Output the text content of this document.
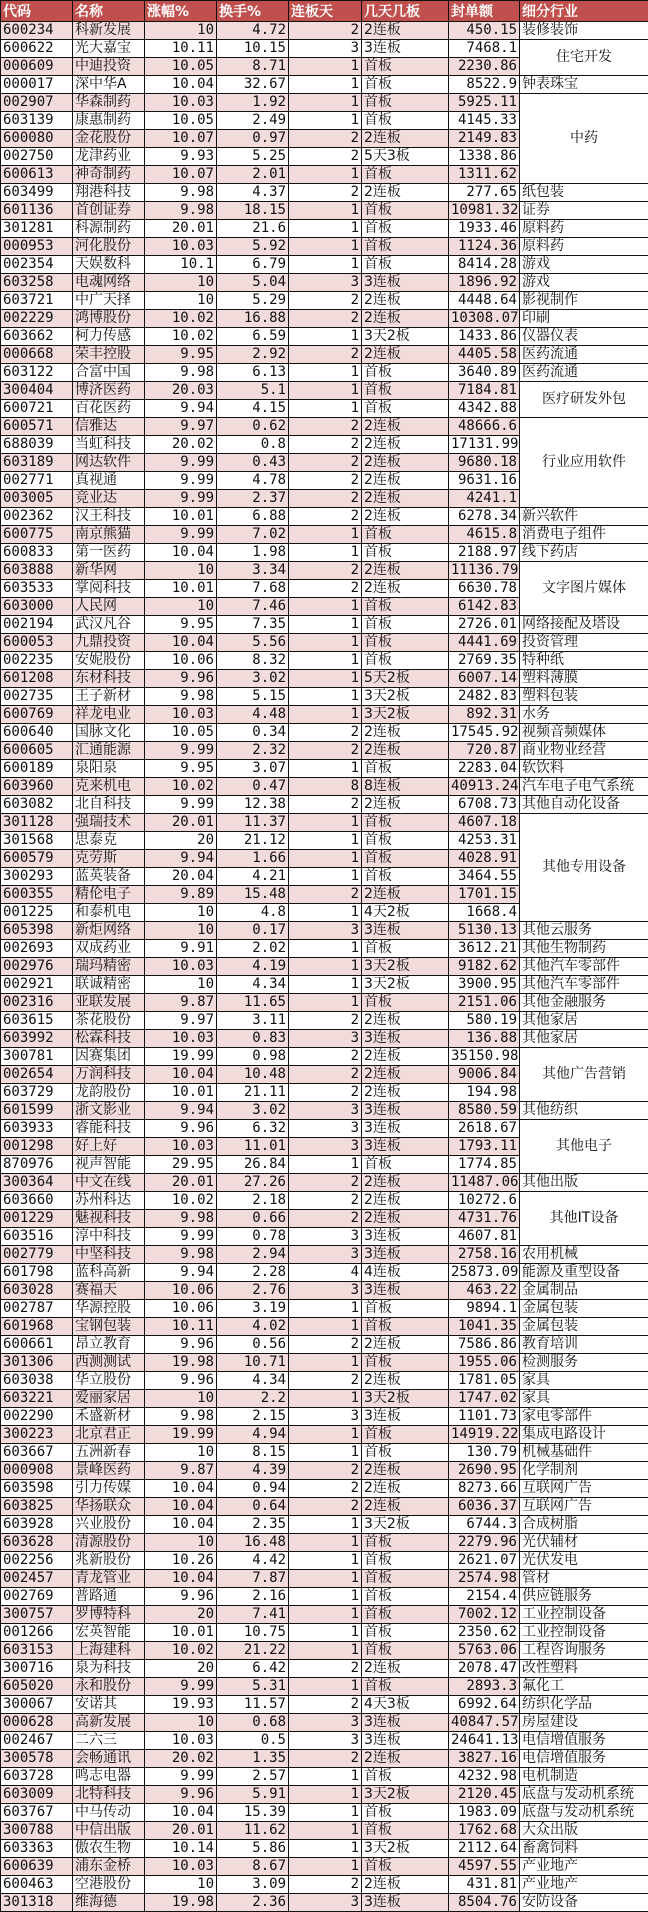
代码	名称	涨幅%	换手%	连板天	几天几板	封单额	细分行业
600234	科新发展	10	4.72	2	2连板	450.15	装修装饰
600622	光大嘉宝	10.11	10.15	3	3连板	7468.1	住宅开发
000609	中迪投资	10.05	8.71	1	首板	2230.86	
000017	深中华A	10.04	32.67	1	首板	8522.9	钟表珠宝
002907	华森制药	10.03	1.92	1	首板	5925.11	中药
603139	康惠制药	10.05	2.49	1	首板	4145.33	
600080	金花股份	10.07	0.97	2	2连板	2149.83	
002750	龙津药业	9.93	5.25	2	5天3板	1338.86	
600613	神奇制药	10.07	2.01	1	首板	1311.62	
603499	翔港科技	9.98	4.37	2	2连板	277.65	纸包装
601136	首创证券	9.98	18.15	1	首板	10981.32	证券
301281	科源制药	20.01	21.6	1	首板	1933.46	原料药
000953	河化股份	10.03	5.92	1	首板	1124.36	原料药
002354	天娱数科	10.1	6.79	1	首板	8414.28	游戏
603258	电魂网络	10	5.04	3	3连板	1896.92	游戏
603721	中广天择	10	5.29	2	2连板	4448.64	影视制作
002229	鸿博股份	10.02	16.88	2	2连板	10308.07	印刷
603662	柯力传感	10.02	6.59	1	3天2板	1433.86	仪器仪表
000668	荣丰控股	9.95	2.92	2	2连板	4405.58	医药流通
603122	合富中国	9.98	6.13	1	首板	3640.89	医药流通
300404	博济医药	20.03	5.1	1	首板	7184.81	医疗研发外包
600721	百花医药	9.94	4.15	1	首板	4342.88	
600571	信雅达	9.97	0.62	2	2连板	48666.6	行业应用软件
688039	当虹科技	20.02	0.8	2	2连板	17131.99	
603189	网达软件	9.99	0.43	2	2连板	9680.18	
002771	真视通	9.99	4.78	2	2连板	9631.16	
003005	竞业达	9.99	2.37	2	2连板	4241.1	
002362	汉王科技	10.01	6.88	2	2连板	6278.34	新兴软件
600775	南京熊猫	9.99	7.02	1	首板	4615.8	消费电子组件
600833	第一医药	10.04	1.98	1	首板	2188.97	线下药店
603888	新华网	10	3.34	2	2连板	11136.79	文字图片媒体
603533	掌阅科技	10.01	7.68	2	2连板	6630.78	
603000	人民网	10	7.46	1	首板	6142.83	
002194	武汉凡谷	9.95	7.35	1	首板	2726.01	网络接配及塔设
600053	九鼎投资	10.04	5.56	1	首板	4441.69	投资管理
002235	安妮股份	10.06	8.32	1	首板	2769.35	特种纸
601208	东材科技	9.96	3.02	1	5天2板	6007.14	塑料薄膜
002735	王子新材	9.98	5.15	1	3天2板	2482.83	塑料包装
600769	祥龙电业	10.03	4.48	1	3天2板	892.31	水务
600640	国脉文化	10.05	0.34	2	2连板	17545.92	视频音频媒体
600605	汇通能源	9.99	2.32	2	2连板	720.87	商业物业经营
600189	泉阳泉	9.95	3.07	1	首板	2283.04	软饮料
603960	克来机电	10.02	0.47	8	8连板	40913.24	汽车电子电气系统
603082	北自科技	9.99	12.38	2	2连板	6708.73	其他自动化设备
301128	强瑞技术	20.01	11.37	1	首板	4607.18	其他专用设备
301568	思泰克	20	21.12	1	首板	4253.31	
600579	克劳斯	9.94	1.66	1	首板	4028.91	
300293	蓝英装备	20.04	4.21	1	首板	3464.55	
600355	精伦电子	9.89	15.48	2	2连板	1701.15	
001225	和泰机电	10	4.8	1	4天2板	1668.4	
605398	新炬网络	10	0.17	3	3连板	5130.13	其他云服务
002693	双成药业	9.91	2.02	1	首板	3612.21	其他生物制药
002976	瑞玛精密	10.03	4.19	1	3天2板	9182.62	其他汽车零部件
002921	联诚精密	10	4.34	1	3天2板	3900.95	其他汽车零部件
002316	亚联发展	9.87	11.65	1	首板	2151.06	其他金融服务
603615	茶花股份	9.97	3.11	2	2连板	580.19	其他家居
603992	松霖科技	10.03	0.83	3	3连板	136.88	其他家居
300781	因赛集团	19.99	0.98	2	2连板	35150.98	其他广告营销
002654	万润科技	10.04	10.48	2	2连板	9006.84	
603729	龙韵股份	10.01	21.11	2	2连板	194.98	
601599	浙文影业	9.94	3.02	3	3连板	8580.59	其他纺织
603933	睿能科技	9.96	6.32	3	3连板	2618.67	其他电子
001298	好上好	10.03	11.01	3	3连板	1793.11	
870976	视声智能	29.95	26.84	1	首板	1774.85	
300364	中文在线	20.01	27.26	2	2连板	11487.06	其他出版
603660	苏州科达	10.02	2.18	2	2连板	10272.6	其他IT设备
001229	魅视科技	9.98	0.66	2	2连板	4731.76	
603516	淳中科技	9.99	0.78	3	3连板	4607.81	
002779	中坚科技	9.98	2.94	3	3连板	2758.16	农用机械
601798	蓝科高新	9.94	2.28	4	4连板	25873.09	能源及重型设备
603028	赛福天	10.06	2.76	3	3连板	463.22	金属制品
002787	华源控股	10.06	3.19	1	首板	9894.1	金属包装
601968	宝钢包装	10.11	4.02	1	首板	1041.35	金属包装
600661	昂立教育	9.96	0.56	2	2连板	7586.86	教育培训
301306	西测测试	19.98	10.71	1	首板	1955.06	检测服务
603038	华立股份	9.96	4.34	2	2连板	1781.05	家具
603221	爱丽家居	10	2.2	1	3天2板	1747.02	家具
002290	禾盛新材	9.98	2.15	3	3连板	1101.73	家电零部件
300223	北京君正	19.99	4.94	1	首板	14919.22	集成电路设计
603667	五洲新春	10	8.15	1	首板	130.79	机械基础件
000908	景峰医药	9.87	4.39	2	2连板	2690.95	化学制剂
603598	引力传媒	10.04	0.94	2	2连板	8273.66	互联网广告
603825	华扬联众	10.04	0.64	2	2连板	6036.37	互联网广告
603928	兴业股份	10.04	2.35	1	3天2板	6744.3	合成树脂
603628	清源股份	10	16.48	1	首板	2279.96	光伏辅材
002256	兆新股份	10.26	4.42	1	首板	2621.07	光伏发电
002457	青龙管业	10.04	7.87	1	首板	2574.98	管材
002769	普路通	9.96	2.16	1	首板	2154.4	供应链服务
300757	罗博特科	20	7.41	1	首板	7002.12	工业控制设备
001266	宏英智能	10.01	10.75	1	首板	2350.62	工业控制设备
603153	上海建科	10.02	21.22	1	首板	5763.06	工程咨询服务
300716	泉为科技	20	6.42	2	2连板	2078.47	改性塑料
605020	永和股份	9.99	5.31	1	首板	2893.3	氟化工
300067	安诺其	19.93	11.57	2	4天3板	6992.64	纺织化学品
000628	高新发展	10	0.68	3	3连板	40847.57	房屋建设
002467	二六三	10.03	0.5	3	3连板	24641.13	电信增值服务
300578	会畅通讯	20.02	1.35	2	2连板	3827.16	电信增值服务
603728	鸣志电器	9.99	2.57	1	首板	4232.98	电机制造
603009	北特科技	9.96	5.91	1	3天2板	2120.45	底盘与发动机系统
603767	中马传动	10.04	15.39	1	首板	1983.09	底盘与发动机系统
300788	中信出版	20.01	11.62	1	首板	1762.68	大众出版
603363	傲农生物	10.14	5.86	1	3天2板	2112.64	畜禽饲料
600639	浦东金桥	10.03	8.67	1	首板	4597.55	产业地产
600463	空港股份	10	3.09	2	2连板	431.81	产业地产
301318	维海德	19.98	2.36	3	3连板	8504.76	安防设备
